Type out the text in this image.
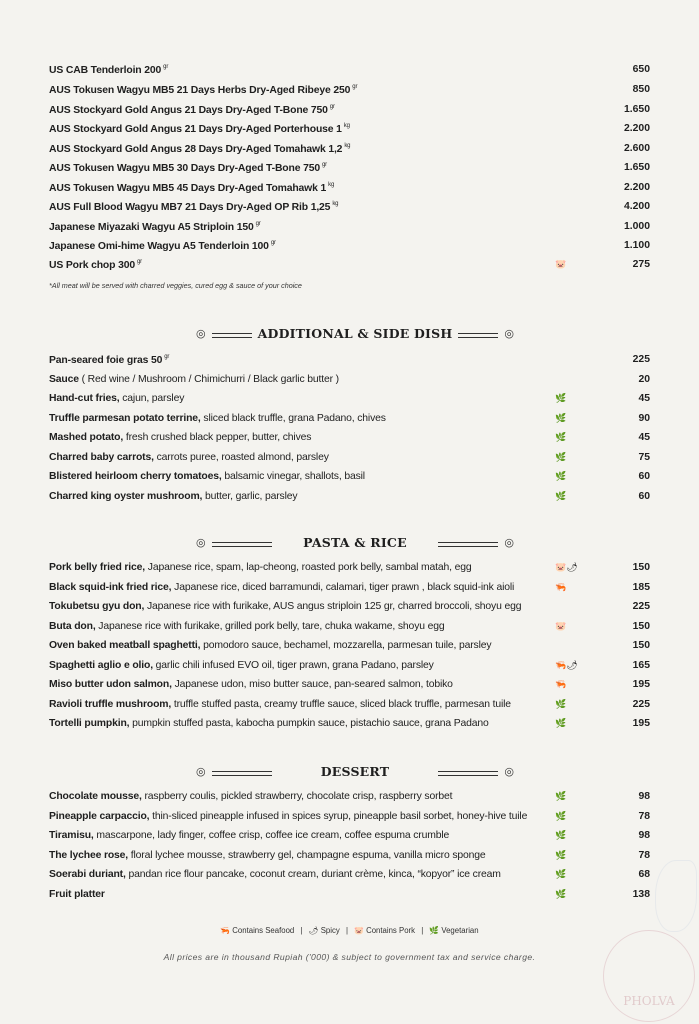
US CAB Tenderloin 200 $^{gr}$	650
AUS Tokusen Wagyu MB5 21 Days Herbs Dry-Aged Ribeye 250 $^{gr}$	850
AUS Stockyard Gold Angus 21 Days Dry-Aged T-Bone 750 $^{gr}$	1.650
AUS Stockyard Gold Angus 21 Days Dry-Aged Porterhouse 1 $^{kg}$	2.200
AUS Stockyard Gold Angus 28 Days Dry-Aged Tomahawk 1,2 $^{kg}$	2.600
AUS Tokusen Wagyu MB5 30 Days Dry-Aged T-Bone 750 $^{gr}$	1.650
AUS Tokusen Wagyu MB5 45 Days Dry-Aged Tomahawk 1 $^{kg}$	2.200
AUS Full Blood Wagyu MB7 21 Days Dry-Aged OP Rib 1,25 $^{kg}$	4.200
Japanese Miyazaki Wagyu A5 Striploin 150 $^{gr}$	1.000
Japanese Omi-hime Wagyu A5 Tenderloin 100 $^{gr}$	1.100
US Pork chop 300 $^{gr}$	🐷	275
◎	◎
ADDITIONAL & SIDE DISH
Pan-seared foie gras 50 $^{gr}$	225
Sauce ( Red wine / Mushroom / Chimichurri / Black garlic butter )	20
Hand-cut fries, cajun, parsley	🌿	45
Truffle parmesan potato terrine, sliced black truffle, grana Padano, chives	🌿	90
Mashed potato, fresh crushed black pepper, butter, chives	🌿	45
Charred baby carrots, carrots puree, roasted almond, parsley	🌿	75
Blistered heirloom cherry tomatoes, balsamic vinegar, shallots, basil	🌿	60
Charred king oyster mushroom, butter, garlic, parsley	🌿	60
◎	◎
PASTA & RICE
Pork belly fried rice, Japanese rice, spam, lap-cheong, roasted pork belly, sambal matah, egg	🐷🌶	150
Black squid-ink fried rice, Japanese rice, diced barramundi, calamari, tiger prawn , black squid-ink aioli	🦐	185
Tokubetsu gyu don, Japanese rice with furikake, AUS angus striploin 125 gr, charred broccoli, shoyu egg	225
Buta don, Japanese rice with furikake, grilled pork belly, tare, chuka wakame, shoyu egg	🐷	150
Oven baked meatball spaghetti, pomodoro sauce, bechamel, mozzarella, parmesan tuile, parsley	150
Spaghetti aglio e olio, garlic chili infused EVO oil, tiger prawn, grana Padano, parsley	🦐🌶	165
Miso butter udon salmon, Japanese udon, miso butter sauce, pan-seared salmon, tobiko	🦐	195
Ravioli truffle mushroom, truffle stuffed pasta, creamy truffle sauce, sliced black truffle, parmesan tuile	🌿	225
Tortelli pumpkin, pumpkin stuffed pasta, kabocha pumpkin sauce, pistachio sauce, grana Padano	🌿	195
◎	◎
DESSERT
Chocolate mousse, raspberry coulis, pickled strawberry, chocolate crisp, raspberry sorbet	🌿	98
Pineapple carpaccio, thin-sliced pineapple infused in spices syrup, pineapple basil sorbet, honey-hive tuile	🌿	78
Tiramisu, mascarpone, lady finger, coffee crisp, coffee ice cream, coffee espuma crumble	🌿	98
The lychee rose, floral lychee mousse, strawberry gel, champagne espuma, vanilla micro sponge	🌿	78
Soerabi duriant, pandan rice flour pancake, coconut cream, duriant crème, kinca, “kopyor” ice cream	🌿	68
Fruit platter	🌿	138
*All meat will be served with charred veggies, cured egg & sauce of your choice
🦐 Contains Seafood | 🌶 Spicy | 🐷 Contains Pork | 🌿 Vegetarian
All prices are in thousand Rupiah ('000) & subject to government tax and service charge.
PHOLVA
